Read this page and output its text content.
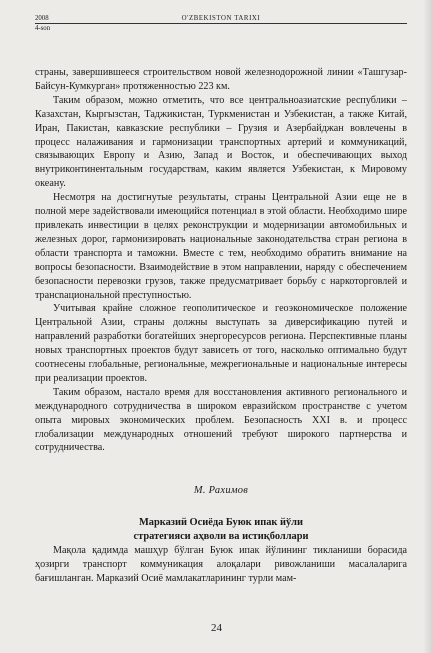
2008	O'ZBEKISTON TARIXI
4-son

страны, завершившееся строительством новой железнодорожной линии «Ташгузар-Байсун-Кумкурган» протяженностью 223 км.

Таким образом, можно отметить, что все центральноазиатские республики – Казахстан, Кыргызстан, Таджикистан, Туркменистан и Узбекистан, а также Китай, Иран, Пакистан, кавказские республики – Грузия и Азербайджан вовлечены в процесс налаживания и гармонизации транспортных артерий и коммуникаций, связывающих Европу и Азию, Запад и Восток, и обеспечивающих выход внутриконтинентальным государствам, каким является Узбекистан, к Мировому океану.

Несмотря на достигнутые результаты, страны Центральной Азии еще не в полной мере задействовали имеющийся потенциал в этой области. Необходимо шире привлекать инвестиции в целях реконструкции и модернизации автомобильных и железных дорог, гармонизировать национальные законодательства стран региона в области транспорта и таможни. Вместе с тем, необходимо обратить внимание на вопросы безопасности. Взаимодействие в этом направлении, наряду с обеспечением безопасности перевозки грузов, также предусматривает борьбу с наркоторговлей и трансnациональной преступностью.

Учитывая крайне сложное геополитическое и геоэкономическое положение Центральной Азии, страны должны выступать за диверсификацию путей и направлений разработки богатейших энергоресурсов региона. Перспективные планы новых транспортных проектов будут зависеть от того, насколько оптимально будут соотнесены глобальные, региональные, межрегиональные и национальные интересы при реализации проектов.

Таким образом, настало время для восстановления активного регионального и международного сотрудничества в широком евразийском пространстве с учетом опыта мировых экономических проблем. Безопасность XXI в. и процесс глобализации международных отношений требуют широкого партнерства и сотрудничества.

М. Рахимов
Марказий Осиёда Буюк ипак йўли
стратегияси аҳволи ва истиқболлари

Мақола қадимда машҳур бўлган Буюк ипак йўлининг тикланиши борасида ҳозирги транспорт коммуникация алоқалари ривожланиши масалаларига бағишланган. Марказий Осиё мамлакатларининг турли мам-

24
